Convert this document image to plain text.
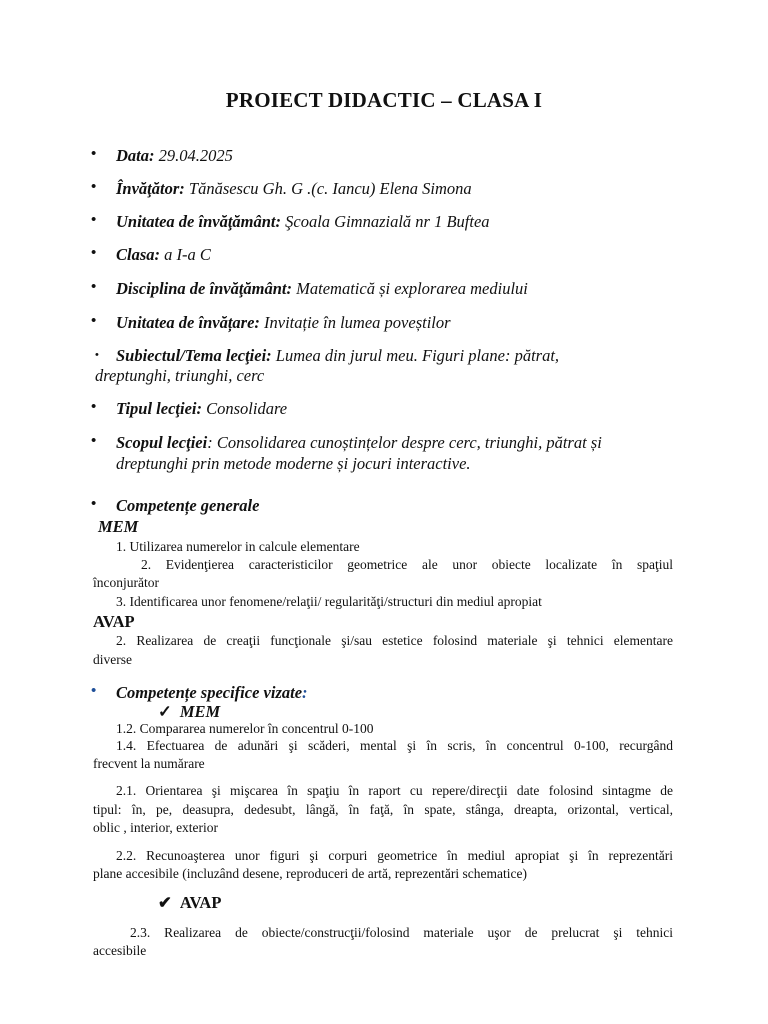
PROIECT DIDACTIC – CLASA I
• Data: 29.04.2025
• Învăţător: Tănăsescu Gh. G .(c. Iancu) Elena Simona
• Unitatea de învăţământ: Şcoala Gimnazială nr 1 Buftea
• Clasa: a I-a C
• Disciplina de învăţământ: Matematică și explorarea mediului
• Unitatea de învățare: Invitație în lumea poveștilor
• Subiectul/Tema lecţiei: Lumea din jurul meu. Figuri plane: pătrat,
dreptunghi, triunghi, cerc
• Tipul lecţiei: Consolidare
• Scopul lecţiei: Consolidarea cunoștințelor despre cerc, triunghi, pătrat și
dreptunghi prin metode moderne și jocuri interactive.
• Competențe generale
MEM
1. Utilizarea numerelor in calcule elementare
2. Evidenţierea caracteristicilor geometrice ale unor obiecte localizate în spaţiul
înconjurător
3. Identificarea unor fenomene/relaţii/ regularităţi/structuri din mediul apropiat
AVAP
2. Realizarea de creaţii funcţionale şi/sau estetice folosind materiale şi tehnici elementare
diverse
• Competențe specifice vizate:
✓ MEM
1.2. Compararea numerelor în concentrul 0-100
1.4. Efectuarea de adunări şi scăderi, mental şi în scris, în concentrul 0-100, recurgând
frecvent la numărare
2.1. Orientarea şi mişcarea în spaţiu în raport cu repere/direcţii date folosind sintagme de
tipul: în, pe, deasupra, dedesubt, lângă, în faţă, în spate, stânga, dreapta, orizontal, vertical,
oblic , interior, exterior
2.2. Recunoaşterea unor figuri şi corpuri geometrice în mediul apropiat şi în reprezentări
plane accesibile (incluzând desene, reproduceri de artă, reprezentări schematice)
✔ AVAP
2.3. Realizarea de obiecte/construcţii/folosind materiale uşor de prelucrat şi tehnici
accesibile
